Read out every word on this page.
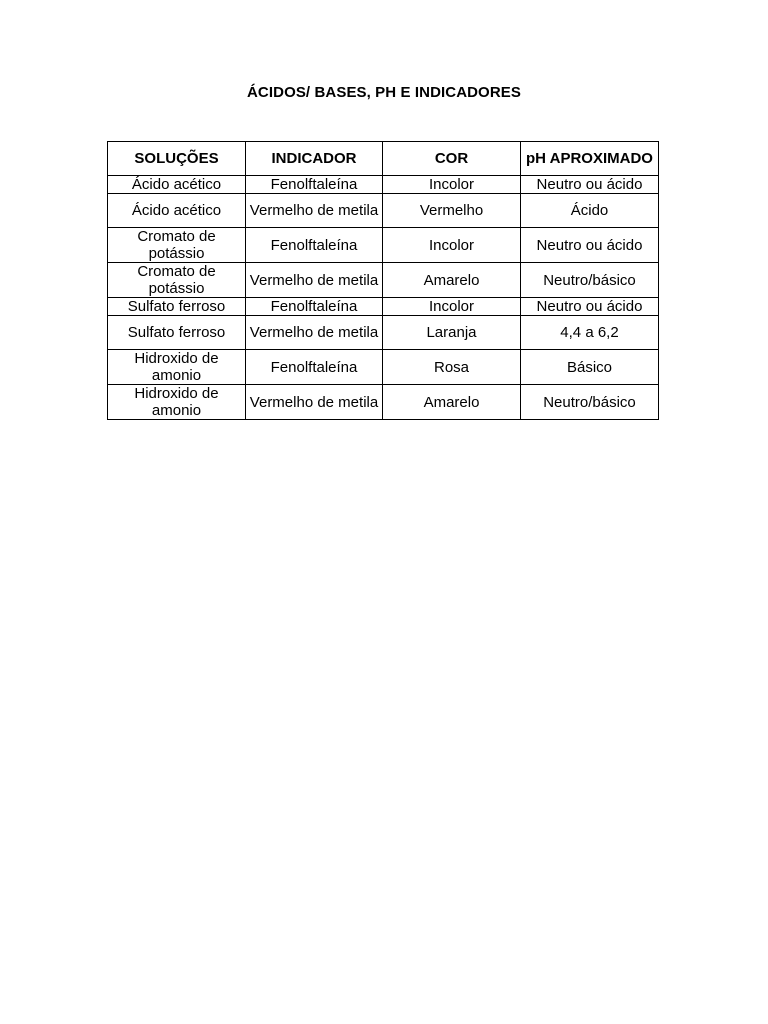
ÁCIDOS/ BASES, PH E INDICADORES
SOLUÇÕES	INDICADOR	COR	pH APROXIMADO
Ácido acético	Fenolftaleína	Incolor	Neutro ou ácido
Ácido acético	Vermelho de metila	Vermelho	Ácido
Cromato de potássio	Fenolftaleína	Incolor	Neutro ou ácido
Cromato de potássio	Vermelho de metila	Amarelo	Neutro/básico
Sulfato ferroso	Fenolftaleína	Incolor	Neutro ou ácido
Sulfato ferroso	Vermelho de metila	Laranja	4,4 a 6,2
Hidroxido de amonio	Fenolftaleína	Rosa	Básico
Hidroxido de amonio	Vermelho de metila	Amarelo	Neutro/básico
